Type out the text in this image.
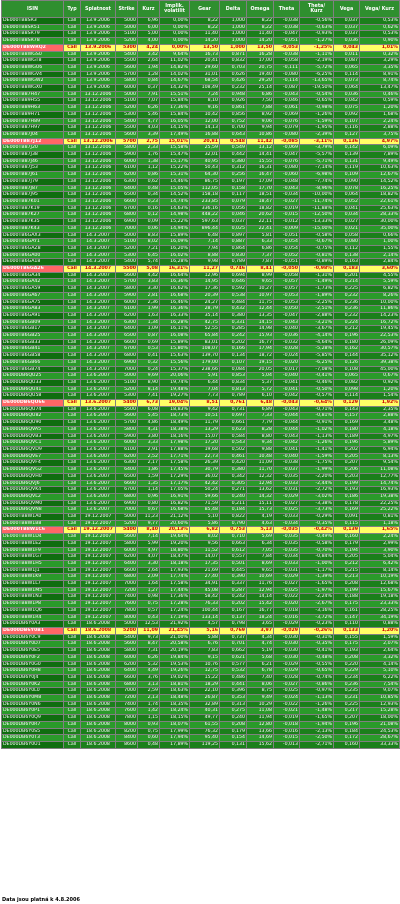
ISIN	Typ	Splatnost	Strike	Kurz	Implik. volatilit	Gear	Delta	Omega	Theta	Theta/ Kurz	Vega	Vega/ Kurz
DE000TB8SR3	Call	13.9.2006	5000	6,96	0,00%	8,22	1,000	8,22	-0,038	-0,56%	0,037	0,53%
DE000TB8SR51	Call	13.9.2006	5000	6,00	0,00%	8,22	1,000	8,22	-0,038	-0,63%	0,037	0,62%
DE000TB8SR79	Call	13.9.2006	5100	5,00	0,00%	11,40	1,000	11,40	-0,047	-0,93%	0,037	0,53%
DE000TB8SR78	Call	13.9.2006	5200	4,00	0,00%	14,20	1,000	14,20	-0,051	-1,27%	0,036	0,90%
DE000TB8WRQ2	Call	13.9.2006	5300	4,24	0,00%	13,50	1,000	13,50	-0,053	-1,25%	0,043	1,01%
DE000TB8WGS0	Call	13.9.2006	5400	3,42	9,64%	16,73	0,871	16,28	-0,038	-1,11%	0,011	0,32%
DE000TB8WGT8	Call	13.9.2006	5500	2,64	11,02%	20,41	0,832	17,00	-0,058	-2,19%	0,087	3,29%
DE000TB8WGU6	Call	13.9.2006	5600	1,94	14,82%	29,60	0,703	20,75	-0,111	-5,72%	0,065	3,35%
DE000TB8WGV4	Call	13.9.2006	5700	1,28	14,02%	31,01	0,626	19,40	-0,080	-6,25%	0,114	8,91%
DE000TB8WGW2	Call	13.9.2006	5800	0,84	14,67%	68,54	0,426	29,20	-0,114	-13,65%	0,073	8,74%
DE000TB8WGX0	Call	13.9.2006	6000	0,37	14,32%	108,49	0,232	25,14	-0,087	-19,50%	0,064	13,47%
DE000TB87H47	Call	13.12.2006	5000	7,91	15,51%	7,24	0,948	6,86	-0,043	-0,54%	0,036	0,46%
DE000TB89H55	Call	13.12.2006	5100	7,07	15,84%	8,10	0,926	7,50	-0,046	-0,65%	0,042	0,59%
DE000TB89H63	Call	13.12.2006	5200	6,26	17,36%	9,16	0,861	7,88	-0,061	-0,98%	0,075	1,20%
DE000TB89H71	Call	13.12.2006	5300	5,46	15,84%	10,42	0,856	8,92	-0,069	-1,26%	0,092	1,68%
DE000TB87H89	Call	13.12.2006	5400	4,77	16,05%	12,00	0,752	9,06	-0,076	-1,59%	0,107	2,24%
DE000TB87H97	Call	13.12.2006	5500	4,03	14,15%	14,13	0,700	9,94	-0,079	-1,95%	0,116	2,88%
DE000TB87J04	Call	13.12.2006	5600	3,39	17,49%	16,88	0,643	10,86	-0,080	-2,39%	0,127	3,75%
DE000TB87J12	Call	13.12.2006	5700	2,75	15,01%	20,81	0,548	11,42	-0,085	-3,11%	0,136	4,97%
DE000TB87J20	Call	13.12.2006	5800	2,33	15,58%	25,59	0,549	13,12	-0,069	-3,79%	0,142	6,09%
DE000TB87J38	Call	13.12.2006	5900	1,76	15,47%	32,01	0,442	14,41	-0,047	-5,57%	0,139	7,89%
DE000TB87J46	Call	13.12.2006	6000	1,38	15,17%	40,95	0,380	15,55	-0,076	-5,71%	0,131	9,49%
DE000TB87J53	Call	13.12.2006	6100	1,12	15,22%	50,43	0,312	16,31	-0,080	-7,14%	0,119	10,63%
DE000TB87J61	Call	13.12.2006	6200	0,86	15,31%	64,30	0,256	16,47	-0,060	-6,98%	0,109	12,67%
DE000TB87J79	Call	13.12.2006	6300	0,62	14,46%	86,75	0,197	17,09	-0,048	-7,74%	0,090	14,52%
DE000TB87J87	Call	13.12.2006	6400	0,48	15,05%	112,05	0,158	17,70	-0,043	-8,96%	0,078	16,25%
DE000TB87J95	Call	13.12.2006	6500	0,34	14,52%	158,18	0,117	18,51	-0,034	-10,00%	0,064	18,82%
DE000TB87K01	Call	13.12.2006	6600	0,23	14,74%	233,85	0,079	18,47	-0,027	-11,74%	0,052	22,61%
DE000TB87K19	Call	13.12.2006	6700	0,16	14,63%	336,16	0,056	18,82	-0,019	-11,88%	0,041	25,63%
DE000TB87K27	Call	13.12.2006	6800	0,12	14,98%	448,22	0,046	20,62	-0,015	-12,50%	0,034	28,33%
DE000TB87K35	Call	13.12.2006	6900	0,09	15,22%	597,63	0,037	22,11	-0,012	-13,33%	0,027	30,00%
DE000TB87K43	Call	13.12.2006	7000	0,06	14,94%	896,44	0,025	22,41	-0,009	-15,00%	0,021	35,00%
DE000TB6GAX3	Call	14.3.2007	5000	8,83	15,89%	6,48	0,897	5,81	-0,051	-0,58%	0,058	0,66%
DE000TB6GAY1	Call	14.3.2007	5100	8,02	16,09%	7,14	0,887	6,33	-0,054	-0,67%	0,080	1,00%
DE000TB6GAZ8	Call	14.3.2007	5200	7,21	16,20%	7,94	0,864	6,86	-0,054	-0,75%	0,112	1,55%
DE000TB6GA00	Call	14.3.2007	5300	6,45	16,02%	8,88	0,830	7,37	-0,052	-0,81%	0,138	2,14%
DE000TB6GA18	Call	14.3.2007	5400	5,74	16,28%	9,98	0,789	7,87	-0,051	-0,89%	0,163	2,84%
DE000TB6GA26	Call	14.3.2007	5500	5,08	16,31%	11,27	0,746	8,41	-0,050	-0,98%	0,183	3,60%
DE000TB6GA34	Call	14.3.2007	5600	4,42	16,64%	12,96	0,694	8,99	-0,058	-1,31%	0,201	4,55%
DE000TB6GA42	Call	14.3.2007	5700	3,83	16,36%	14,95	0,646	9,65	-0,057	-1,49%	0,214	5,59%
DE000TB6GA59	Call	14.3.2007	5800	3,30	16,62%	17,36	0,592	10,27	-0,057	-1,73%	0,225	6,82%
DE000TB6GA67	Call	14.3.2007	5900	2,81	16,68%	20,39	0,538	10,97	-0,053	-1,89%	0,232	8,26%
DE000TB6GA75	Call	14.3.2007	6000	2,36	16,46%	24,27	0,484	11,75	-0,053	-2,25%	0,236	10,00%
DE000TB6GA83	Call	14.3.2007	6100	1,99	16,36%	28,79	0,432	12,44	-0,050	-2,51%	0,236	11,86%
DE000TB6GA91	Call	14.3.2007	6200	1,63	16,33%	35,14	0,380	13,35	-0,047	-2,88%	0,232	14,23%
DE000TB6GB09	Call	14.3.2007	6300	1,34	16,28%	42,75	0,331	14,15	-0,043	-3,21%	0,224	16,72%
DE000TB6GB17	Call	14.3.2007	6400	1,09	16,11%	52,55	0,285	14,98	-0,040	-3,67%	0,212	19,45%
DE000TB6GB25	Call	14.3.2007	6500	0,87	16,08%	65,84	0,242	15,93	-0,036	-4,14%	0,196	22,53%
DE000TB6GB33	Call	14.3.2007	6600	0,69	15,89%	83,01	0,202	16,77	-0,032	-4,64%	0,180	26,09%
DE000TB6GB41	Call	14.3.2007	6700	0,53	15,80%	108,07	0,166	17,94	-0,028	-5,28%	0,162	30,57%
DE000TB6GB58	Call	14.3.2007	6800	0,41	15,63%	139,70	0,134	18,72	-0,024	-5,85%	0,144	35,12%
DE000TB6GB66	Call	14.3.2007	6900	0,32	15,56%	179,00	0,107	19,15	-0,020	-6,25%	0,126	39,38%
DE000TB6GB74	Call	14.3.2007	7000	0,24	15,37%	238,66	0,084	20,05	-0,017	-7,08%	0,108	45,00%
DE000DB6QU25	Call	13.6.2007	5000	9,69	20,06%	5,91	0,853	5,04	-0,040	-0,41%	0,065	0,67%
DE000DB6QU33	Call	13.6.2007	5100	8,90	19,74%	6,44	0,834	5,37	-0,041	-0,46%	0,082	0,92%
DE000DB6QU41	Call	13.6.2007	5200	8,14	19,48%	7,04	0,813	5,72	-0,041	-0,50%	0,098	1,20%
DE000DB6QU58	Call	13.6.2007	5300	7,41	19,27%	7,73	0,789	6,10	-0,042	-0,57%	0,114	1,54%
DE000DB6QU66	Call	13.6.2007	5400	6,73	19,04%	8,51	0,761	6,48	-0,043	-0,64%	0,129	1,92%
DE000DB6QU74	Call	13.6.2007	5500	6,08	18,83%	9,42	0,731	6,89	-0,043	-0,71%	0,143	2,35%
DE000DB6QU82	Call	13.6.2007	5600	5,45	18,73%	10,51	0,697	7,33	-0,044	-0,81%	0,157	2,88%
DE000DB6QU90	Call	13.6.2007	5700	4,86	18,49%	11,79	0,661	7,79	-0,044	-0,91%	0,169	3,48%
DE000DB6QVA5	Call	13.6.2007	5800	4,31	18,38%	13,29	0,623	8,28	-0,044	-1,02%	0,180	4,18%
DE000DB6QVB3	Call	13.6.2007	5900	3,80	18,16%	15,07	0,584	8,80	-0,043	-1,13%	0,189	4,97%
DE000DB6QVC1	Call	13.6.2007	6000	3,33	17,98%	17,20	0,543	9,34	-0,042	-1,26%	0,196	5,89%
DE000DB6QVD9	Call	13.6.2007	6100	2,91	17,88%	19,68	0,502	9,88	-0,041	-1,41%	0,202	6,94%
DE000DB6QVE7	Call	13.6.2007	6200	2,52	17,71%	22,73	0,461	10,48	-0,040	-1,59%	0,205	8,13%
DE000DB6QVF4	Call	13.6.2007	6300	2,17	17,58%	26,39	0,420	11,09	-0,038	-1,75%	0,207	9,54%
DE000DB6QVG2	Call	13.6.2007	6400	1,86	17,45%	30,79	0,380	11,70	-0,037	-1,99%	0,206	11,08%
DE000DB6QVH0	Call	13.6.2007	6500	1,59	17,29%	36,02	0,342	12,32	-0,035	-2,20%	0,203	12,77%
DE000DB6QVJ6	Call	13.6.2007	6600	1,35	17,17%	42,42	0,305	12,94	-0,033	-2,44%	0,199	14,74%
DE000DB6QVK4	Call	13.6.2007	6700	1,14	17,05%	50,24	0,271	13,62	-0,031	-2,72%	0,193	16,93%
DE000DB6QVL2	Call	13.6.2007	6800	0,96	16,91%	59,66	0,240	14,32	-0,029	-3,02%	0,186	19,38%
DE000DB6QVM0	Call	13.6.2007	6900	0,80	16,82%	71,59	0,211	15,11	-0,027	-3,38%	0,178	22,25%
DE000DB6QVN8	Call	13.6.2007	7000	0,67	16,68%	85,48	0,184	15,73	-0,025	-3,73%	0,169	25,22%
DE000TB8W1A0	Call	19.12.2007	5000	11,23	21,12%	5,10	0,822	4,19	-0,033	-0,29%	0,091	0,81%
DE000TB8W1B8	Call	19.12.2007	5200	9,77	20,60%	5,86	0,790	4,63	-0,034	-0,35%	0,115	1,18%
DE000TB8W1C6	Call	19.12.2007	5400	8,40	20,13%	6,82	0,753	5,13	-0,035	-0,42%	0,139	1,65%
DE000TB8W1D4	Call	19.12.2007	5600	7,14	19,64%	8,02	0,710	5,69	-0,035	-0,49%	0,160	2,24%
DE000TB8W1E2	Call	19.12.2007	5800	5,99	19,20%	9,56	0,663	6,34	-0,035	-0,58%	0,179	2,99%
DE000TB8W1F9	Call	19.12.2007	6000	4,97	18,80%	11,52	0,612	7,05	-0,035	-0,70%	0,194	3,90%
DE000TB8W1G7	Call	19.12.2007	6200	4,07	18,47%	14,07	0,557	7,84	-0,034	-0,84%	0,205	5,04%
DE000TB8W1H5	Call	19.12.2007	6400	3,30	18,18%	17,35	0,501	8,69	-0,033	-1,00%	0,212	6,42%
DE000TB8W1J1	Call	19.12.2007	6600	2,64	17,93%	21,69	0,445	9,65	-0,031	-1,17%	0,215	8,14%
DE000TB8W1K9	Call	19.12.2007	6800	2,09	17,74%	27,40	0,390	10,69	-0,029	-1,39%	0,213	10,19%
DE000TB8W1L7	Call	19.12.2007	7000	1,64	17,58%	34,91	0,337	11,76	-0,027	-1,65%	0,208	12,68%
DE000TB8W1M5	Call	19.12.2007	7200	1,27	17,44%	45,08	0,287	12,94	-0,025	-1,97%	0,199	15,67%
DE000TB8W1N3	Call	19.12.2007	7400	0,98	17,36%	58,42	0,242	14,14	-0,022	-2,24%	0,188	19,18%
DE000TB8W1P8	Call	19.12.2007	7600	0,75	17,28%	76,33	0,202	15,42	-0,020	-2,67%	0,175	23,33%
DE000TB8W1Q6	Call	19.12.2007	7800	0,57	17,24%	100,44	0,167	16,77	-0,018	-3,16%	0,161	28,25%
DE000TB8W1R4	Call	19.12.2007	8000	0,43	17,19%	133,14	0,137	18,24	-0,016	-3,72%	0,147	34,19%
DE000DB6Y0A3	Call	18.6.2008	5000	12,53	21,92%	4,57	0,798	3,65	-0,029	-0,23%	0,110	0,88%
DE000DB6Y0B1	Call	18.6.2008	5200	11,09	21,45%	5,16	0,769	3,97	-0,029	-0,26%	0,133	1,20%
DE000DB6Y0C9	Call	18.6.2008	5400	9,73	21,00%	5,88	0,737	4,34	-0,030	-0,31%	0,155	1,59%
DE000DB6Y0D7	Call	18.6.2008	5600	8,47	20,58%	6,76	0,701	4,74	-0,030	-0,35%	0,175	2,07%
DE000DB6Y0E5	Call	18.6.2008	5800	7,31	20,19%	7,83	0,662	5,19	-0,030	-0,41%	0,193	2,64%
DE000DB6Y0F2	Call	18.6.2008	6000	6,26	19,84%	9,15	0,621	5,68	-0,030	-0,48%	0,208	3,32%
DE000DB6Y0G0	Call	18.6.2008	6200	5,32	19,53%	10,76	0,577	6,21	-0,029	-0,55%	0,220	4,14%
DE000DB6Y0H8	Call	18.6.2008	6400	4,49	19,26%	12,75	0,532	6,78	-0,029	-0,65%	0,229	5,10%
DE000DB6Y0J4	Call	18.6.2008	6600	3,76	19,02%	15,22	0,486	7,40	-0,028	-0,74%	0,234	6,22%
DE000DB6Y0K2	Call	18.6.2008	6800	3,13	18,81%	18,29	0,441	8,06	-0,027	-0,86%	0,236	7,54%
DE000DB6Y0L0	Call	18.6.2008	7000	2,59	18,63%	22,10	0,396	8,75	-0,025	-0,97%	0,235	9,07%
DE000DB6Y0M8	Call	18.6.2008	7200	2,13	18,48%	26,87	0,353	9,49	-0,024	-1,13%	0,231	10,85%
DE000DB6Y0N6	Call	18.6.2008	7400	1,74	18,35%	32,89	0,313	10,29	-0,022	-1,26%	0,225	12,93%
DE000DB6Y0P1	Call	18.6.2008	7600	1,42	18,24%	40,31	0,275	11,08	-0,021	-1,48%	0,217	15,28%
DE000DB6Y0Q9	Call	18.6.2008	7800	1,15	18,15%	49,77	0,240	11,94	-0,019	-1,65%	0,207	18,00%
DE000DB6Y0R7	Call	18.6.2008	8000	0,93	18,07%	61,55	0,208	12,80	-0,018	-1,94%	0,196	21,08%
DE000DB6Y0S5	Call	18.6.2008	8200	0,75	17,99%	76,32	0,179	13,66	-0,016	-2,13%	0,184	24,53%
DE000DB6Y0T3	Call	18.6.2008	8400	0,60	17,94%	95,40	0,154	14,69	-0,015	-2,50%	0,172	28,67%
DE000DB6Y0U1	Call	18.6.2008	8600	0,48	17,89%	119,25	0,131	15,62	-0,013	-2,71%	0,160	33,33%
Data jsou platná k 4.8.2006
